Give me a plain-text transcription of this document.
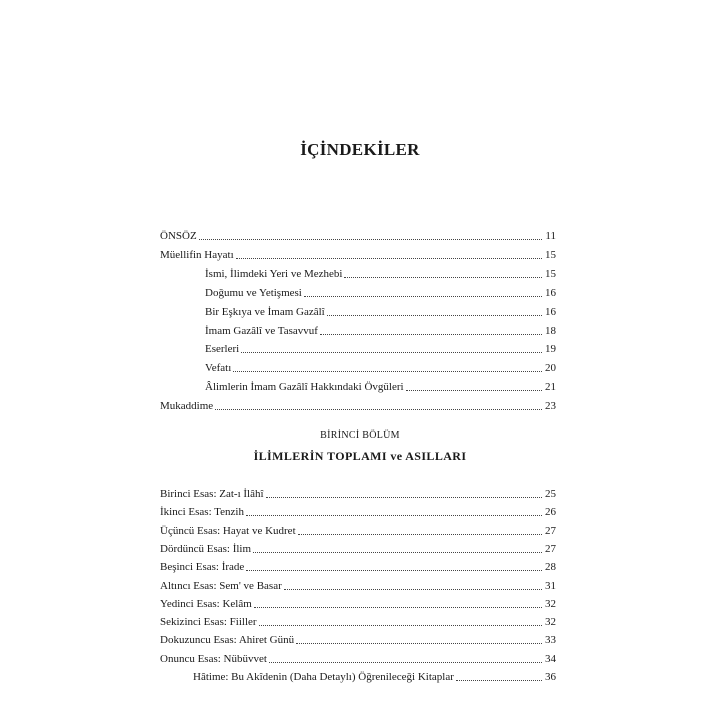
İÇİNDEKİLER
ÖNSÖZ	11
Müellifin Hayatı	15
İsmi, İlimdeki Yeri ve Mezhebi	15
Doğumu ve Yetişmesi	16
Bir Eşkıya ve İmam Gazâlî	16
İmam Gazâlî ve Tasavvuf	18
Eserleri	19
Vefatı	20
Âlimlerin İmam Gazâlî Hakkındaki Övgüleri	21
Mukaddime	23
BİRİNCİ BÖLÜM
İLİMLERİN TOPLAMI ve ASILLARI
Birinci Esas: Zat-ı İlâhî	25
İkinci Esas: Tenzih	26
Üçüncü Esas: Hayat ve Kudret	27
Dördüncü Esas: İlim	27
Beşinci Esas: İrade	28
Altıncı Esas: Sem' ve Basar	31
Yedinci Esas: Kelâm	32
Sekizinci Esas: Fiiller	32
Dokuzuncu Esas: Ahiret Günü	33
Onuncu Esas: Nübüvvet	34
Hâtime: Bu Akîdenin (Daha Detaylı) Öğrenileceği Kitaplar	36
